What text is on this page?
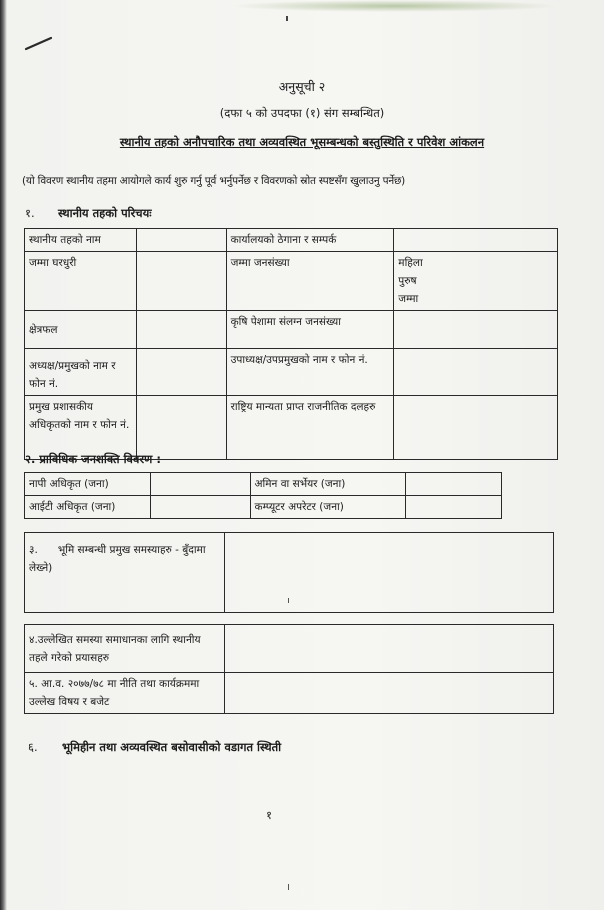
अनुसूची २
(दफा ५ को उपदफा (१) संग सम्बन्धित)
स्थानीय तहको अनौपचारिक तथा अव्यवस्थित भूसम्बन्धको बस्तुस्थिति र परिवेश आंकलन
(यो विवरण स्थानीय तहमा आयोगले कार्य शुरु गर्नु पूर्व भर्नुपर्नेछ र विवरणको स्रोत स्पष्टसँग खुलाउनु पर्नेछ)
१. स्थानीय तहको परिचयः
स्थानीय तहको नाम		कार्यालयको ठेगाना र सम्पर्क	
जम्मा घरधुरी		जम्मा जनसंख्या	महिला
पुरुष
जम्मा

क्षेत्रफल		कृषि पेशामा संलग्न जनसंख्या	
अध्यक्ष/प्रमुखको नाम र फोन नं.		उपाध्यक्ष/उपप्रमुखको नाम र फोन नं.	
प्रमुख प्रशासकीय अधिकृतको नाम र फोन नं.		राष्ट्रिय मान्यता प्राप्त राजनीतिक दलहरु	
२. प्राविधिक जनशक्ति विवरण :
नापी अधिकृत (जना)		अमिन वा सर्भेयर (जना)	
आईटी अधिकृत (जना)		कम्प्यूटर अपरेटर (जना)	
३. भूमि सम्बन्धी प्रमुख समस्याहरु - बुँदामा लेख्ने)	
४.उल्लेखित समस्या समाधानका लागि स्थानीय तहले गरेको प्रयासहरु	
५. आ.व. २०७७/७८ मा नीति तथा कार्यक्रममा उल्लेख विषय र बजेट	
६. भूमिहीन तथा अव्यवस्थित बसोवासीको वडागत स्थिती
१
